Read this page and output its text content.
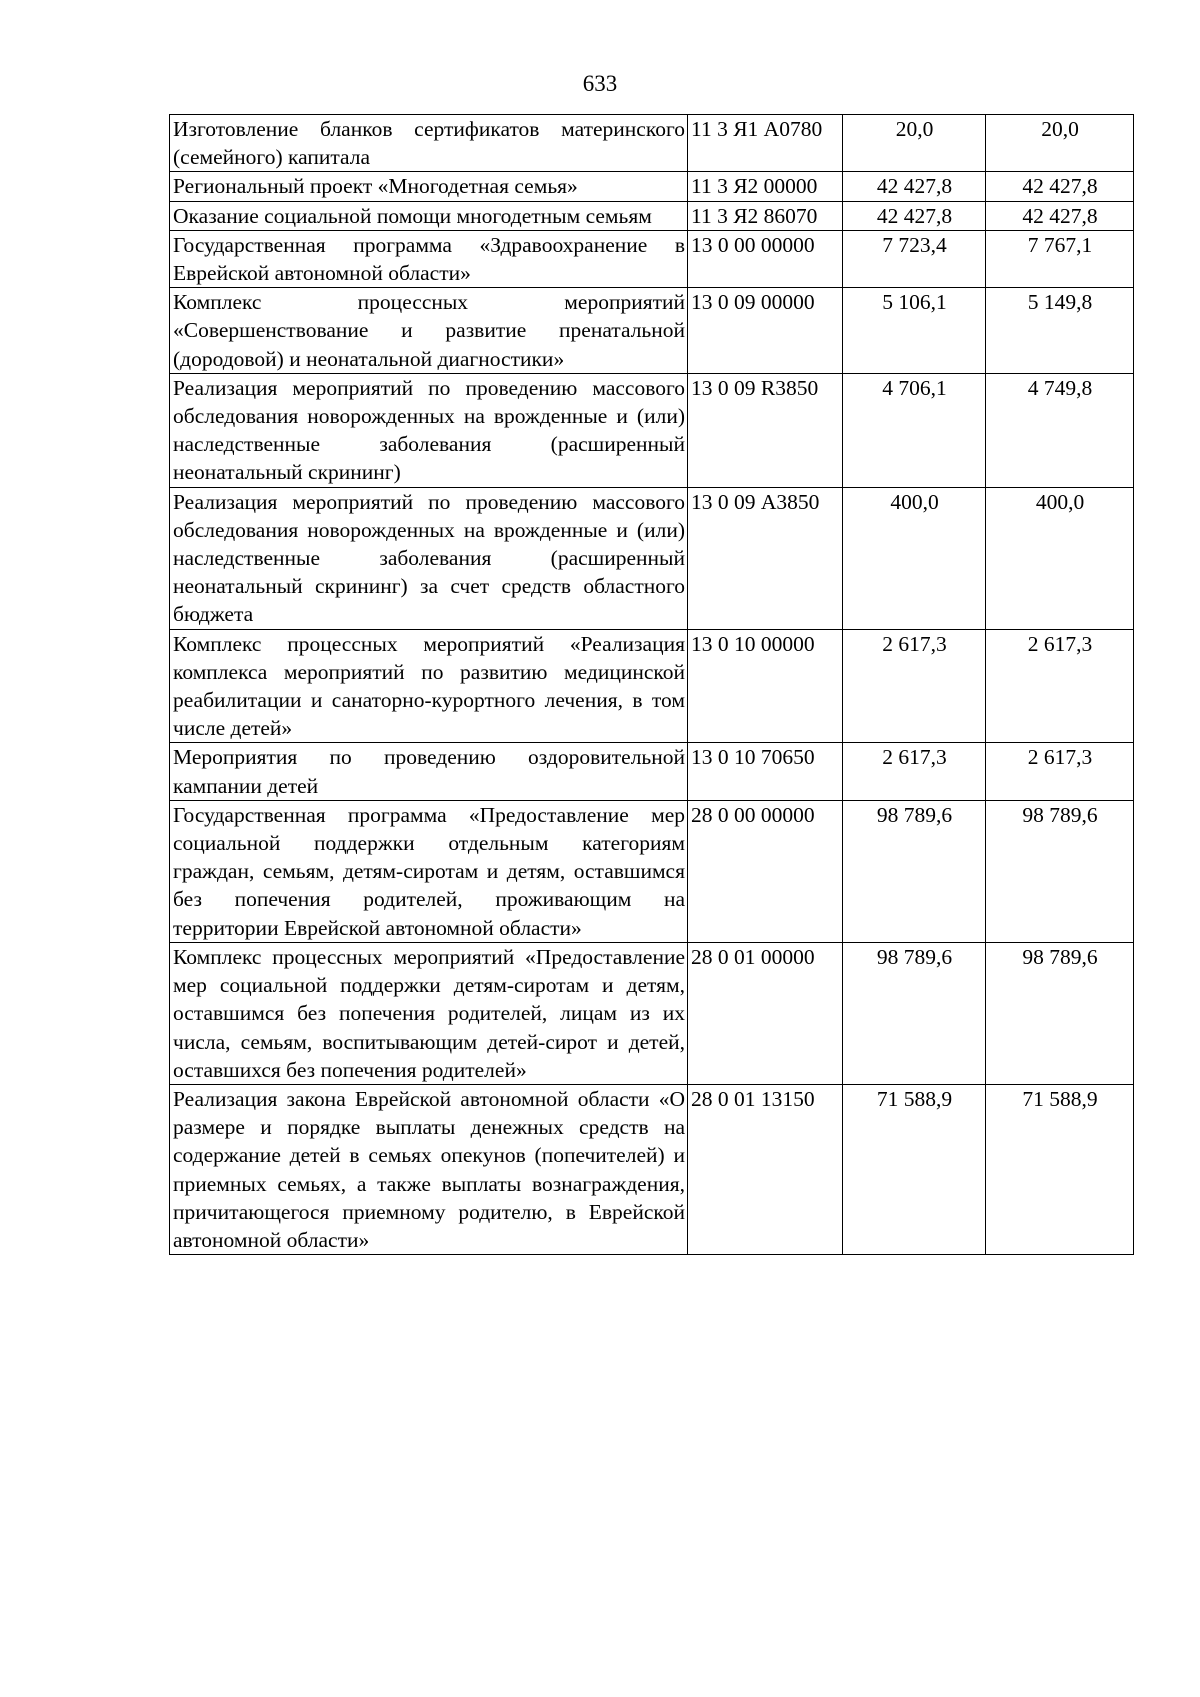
633
Изготовление бланков сертификатов материнского (семейного) капитала	11 3 Я1 А0780	20,0	20,0
Региональный проект «Многодетная семья»	11 3 Я2 00000	42 427,8	42 427,8
Оказание социальной помощи многодетным семьям	11 3 Я2 86070	42 427,8	42 427,8
Государственная программа «Здравоохранение в Еврейской автономной области»	13 0 00 00000	7 723,4	7 767,1
Комплекс процессных мероприятий «Совершенствование и развитие пренатальной (дородовой) и неонатальной диагностики»	13 0 09 00000	5 106,1	5 149,8
Реализация мероприятий по проведению массового обследования новорожденных на врожденные и (или) наследственные заболевания (расширенный неонатальный скрининг)	13 0 09 R3850	4 706,1	4 749,8
Реализация мероприятий по проведению массового обследования новорожденных на врожденные и (или) наследственные заболевания (расширенный неонатальный скрининг) за счет средств областного бюджета	13 0 09 А3850	400,0	400,0
Комплекс процессных мероприятий «Реализация комплекса мероприятий по развитию медицинской реабилитации и санаторно-курортного лечения, в том числе детей»	13 0 10 00000	2 617,3	2 617,3
Мероприятия по проведению оздоровительной кампании детей	13 0 10 70650	2 617,3	2 617,3
Государственная программа «Предоставление мер социальной поддержки отдельным категориям граждан, семьям, детям-сиротам и детям, оставшимся без попечения родителей, проживающим на территории Еврейской автономной области»	28 0 00 00000	98 789,6	98 789,6
Комплекс процессных мероприятий «Предоставление мер социальной поддержки детям-сиротам и детям, оставшимся без попечения родителей, лицам из их числа, семьям, воспитывающим детей-сирот и детей, оставшихся без попечения родителей»	28 0 01 00000	98 789,6	98 789,6
Реализация закона Еврейской автономной области «О размере и порядке выплаты денежных средств на содержание детей в семьях опекунов (попечителей) и приемных семьях, а также выплаты вознаграждения, причитающегося приемному родителю, в Еврейской автономной области»	28 0 01 13150	71 588,9	71 588,9
